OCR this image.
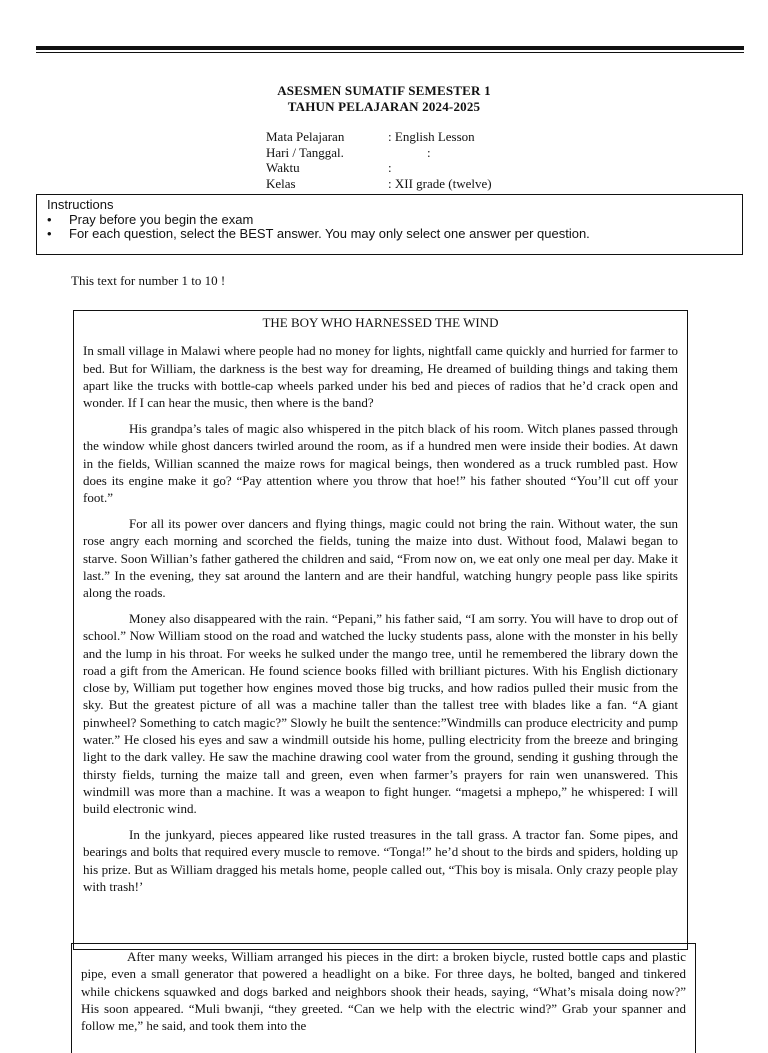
ASESMEN SUMATIF SEMESTER 1
TAHUN PELAJARAN 2024-2025
Mata Pelajaran	: English Lesson
Hari / Tanggal.	:
Waktu	:
Kelas	: XII grade (twelve)
Instructions
• Pray before you begin the exam
• For each question, select the BEST answer. You may only select one answer per question.
This text for number 1 to 10 !
THE BOY WHO HARNESSED THE WIND

In small village in Malawi where people had no money for lights, nightfall came quickly and hurried for farmer to bed. But for William, the darkness is the best way for dreaming, He dreamed of building things and taking them apart like the trucks with bottle-cap wheels parked under his bed and pieces of radios that he’d crack open and wonder. If I can hear the music, then where is the band?

His grandpa’s tales of magic also whispered in the pitch black of his room. Witch planes passed through the window while ghost dancers twirled around the room, as if a hundred men were inside their bodies. At dawn in the fields, Willian scanned the maize rows for magical beings, then wondered as a truck rumbled past. How does its engine make it go? “Pay attention where you throw that hoe!” his father shouted “You’ll cut off your foot.”

For all its power over dancers and flying things, magic could not bring the rain. Without water, the sun rose angry each morning and scorched the fields, tuning the maize into dust. Without food, Malawi began to starve. Soon Willian’s father gathered the children and said, “From now on, we eat only one meal per day. Make it last.” In the evening, they sat around the lantern and are their handful, watching hungry people pass like spirits along the roads.

Money also disappeared with the rain. “Pepani,” his father said, “I am sorry. You will have to drop out of school.” Now William stood on the road and watched the lucky students pass, alone with the monster in his belly and the lump in his throat. For weeks he sulked under the mango tree, until he remembered the library down the road a gift from the American. He found science books filled with brilliant pictures. With his English dictionary close by, William put together how engines moved those big trucks, and how radios pulled their music from the sky. But the greatest picture of all was a machine taller than the tallest tree with blades like a fan. “A giant pinwheel? Something to catch magic?” Slowly he built the sentence:”Windmills can produce electricity and pump water.” He closed his eyes and saw a windmill outside his home, pulling electricity from the breeze and bringing light to the dark valley. He saw the machine drawing cool water from the ground, sending it gushing through the thirsty fields, turning the maize tall and green, even when farmer’s prayers for rain wen unanswered. This windmill was more than a machine. It was a weapon to fight hunger. “magetsi a mphepo,” he whispered: I will build electronic wind.

In the junkyard, pieces appeared like rusted treasures in the tall grass. A tractor fan. Some pipes, and bearings and bolts that required every muscle to remove. “Tonga!” he’d shout to the birds and spiders, holding up his prize. But as William dragged his metals home, people called out, “This boy is misala. Only crazy people play with trash!’

After many weeks, William arranged his pieces in the dirt: a broken biycle, rusted bottle caps and plastic pipe, even a small generator that powered a headlight on a bike. For three days, he bolted, banged and tinkered while chickens squawked and dogs barked and neighbors shook their heads, saying, “What’s misala doing now?” His soon appeared. “Muli bwanji, “they greeted. “Can we help with the electric wind?” Grab your spanner and follow me,” he said, and took them into the
